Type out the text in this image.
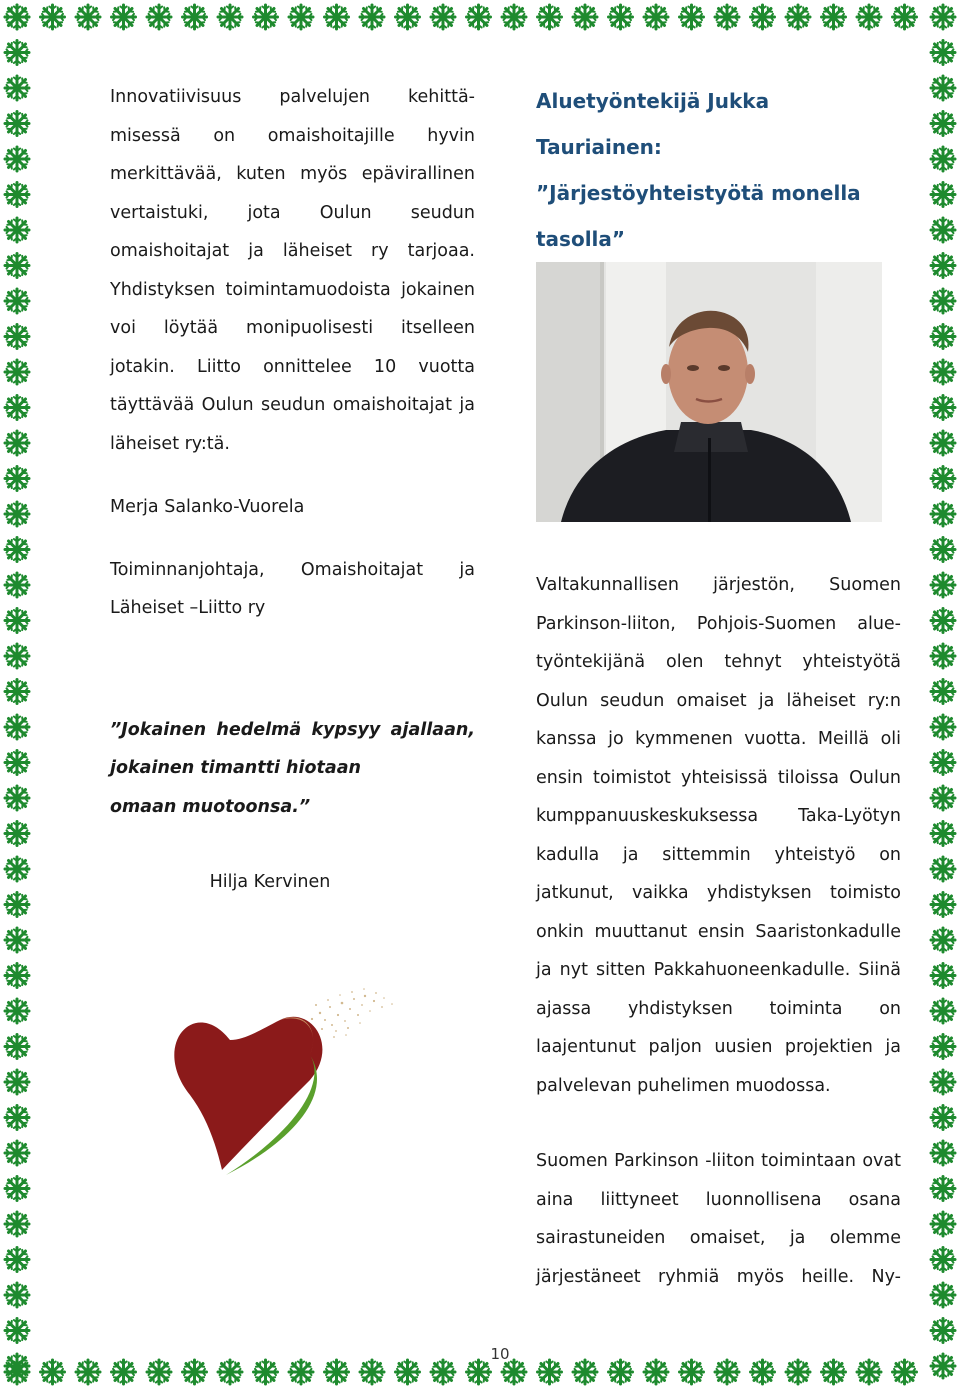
Innovatiivisuus palvelujen kehittä-

misessä on omaishoitajille hyvin

merkittävää, kuten myös epävirallinen

vertaistuki, jota Oulun seudun

omaishoitajat ja läheiset ry tarjoaa.

Yhdistyksen toimintamuodoista jokainen

voi löytää monipuolisesti itselleen

jotakin. Liitto onnittelee 10 vuotta

täyttävää Oulun seudun omaishoitajat ja

läheiset ry:tä.

Merja Salanko-Vuorela

Toiminnanjohtaja, Omaishoitajat ja

Läheiset –Liitto ry

”Jokainen hedelmä kypsyy ajallaan,

jokainen timantti hiotaan

omaan muotoonsa.”

Hilja Kervinen

Aluetyöntekijä Jukka Tauriainen:

”Järjestöyhteistyötä monella

tasolla”

Valtakunnallisen järjestön, Suomen

Parkinson-liiton, Pohjois-Suomen alue-

työntekijänä olen tehnyt yhteistyötä

Oulun seudun omaiset ja läheiset ry:n

kanssa jo kymmenen vuotta. Meillä oli

ensin toimistot yhteisissä tiloissa Oulun

kumppanuuskeskuksessa Taka-Lyötyn

kadulla ja sittemmin yhteistyö on

jatkunut, vaikka yhdistyksen toimisto

onkin muuttanut ensin Saaristonkadulle

ja nyt sitten Pakkahuoneenkadulle. Siinä

ajassa yhdistyksen toiminta on

laajentunut paljon uusien projektien ja

palvelevan puhelimen muodossa.

Suomen Parkinson -liiton toimintaan ovat

aina liittyneet luonnollisena osana

sairastuneiden omaiset, ja olemme

järjestäneet ryhmiä myös heille. Ny-

10
